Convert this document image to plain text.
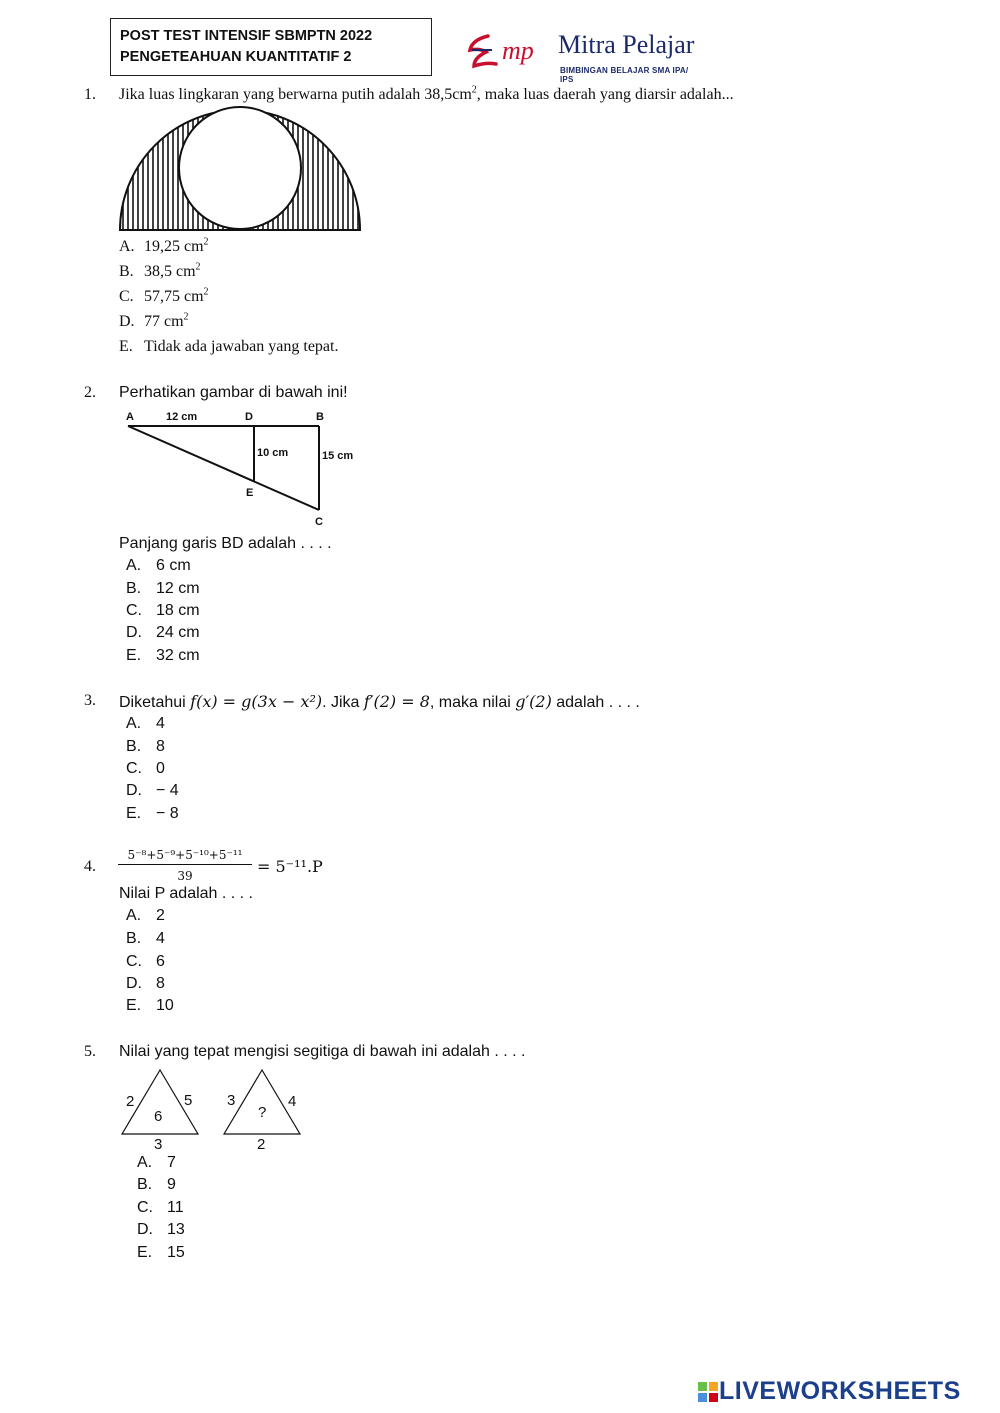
POST TEST INTENSIF SBMPTN 2022
PENGETEAHUAN KUANTITATIF 2	mp Mitra Pelajar
BIMBINGAN BELAJAR SMA IPA/ IPS
1. Jika luas lingkaran yang berwarna putih adalah $38,5cm^2$, maka luas daerah yang diarsir adalah...
A. 19,25 $cm^2$
B. 38,5 $cm^2$
C. 57,75 $cm^2$
D. 77 $cm^2$
E. Tidak ada jawaban yang tepat.
2. Perhatikan gambar di bawah ini!
A	12 cm	D	B
10 cm	15 cm
E
C
Panjang garis BD adalah . . . .
A. 6 cm
B. 12 cm
C. 18 cm
D. 24 cm
E. 32 cm
3. Diketahui f(x) = g(3x − x²). Jika f′(2) = 8, maka nilai g′(2) adalah . . . .
A. 4
B. 8
C. 0
D. − 4
E. − 8
4. $\frac{\text{5⁻⁸+5⁻⁹+5⁻¹⁰+5⁻¹¹}}{39} = 5^{-11}.P$
Nilai P adalah . . . .
A. 2
B. 4
C. 6
D. 8
E. 10
5. Nilai yang tepat mengisi segitiga di bawah ini adalah . . . .
2	5
6
3
3	4
?
2
A. 7
B. 9
C. 11
D. 13
E. 15
LIVEWORKSHEETS
